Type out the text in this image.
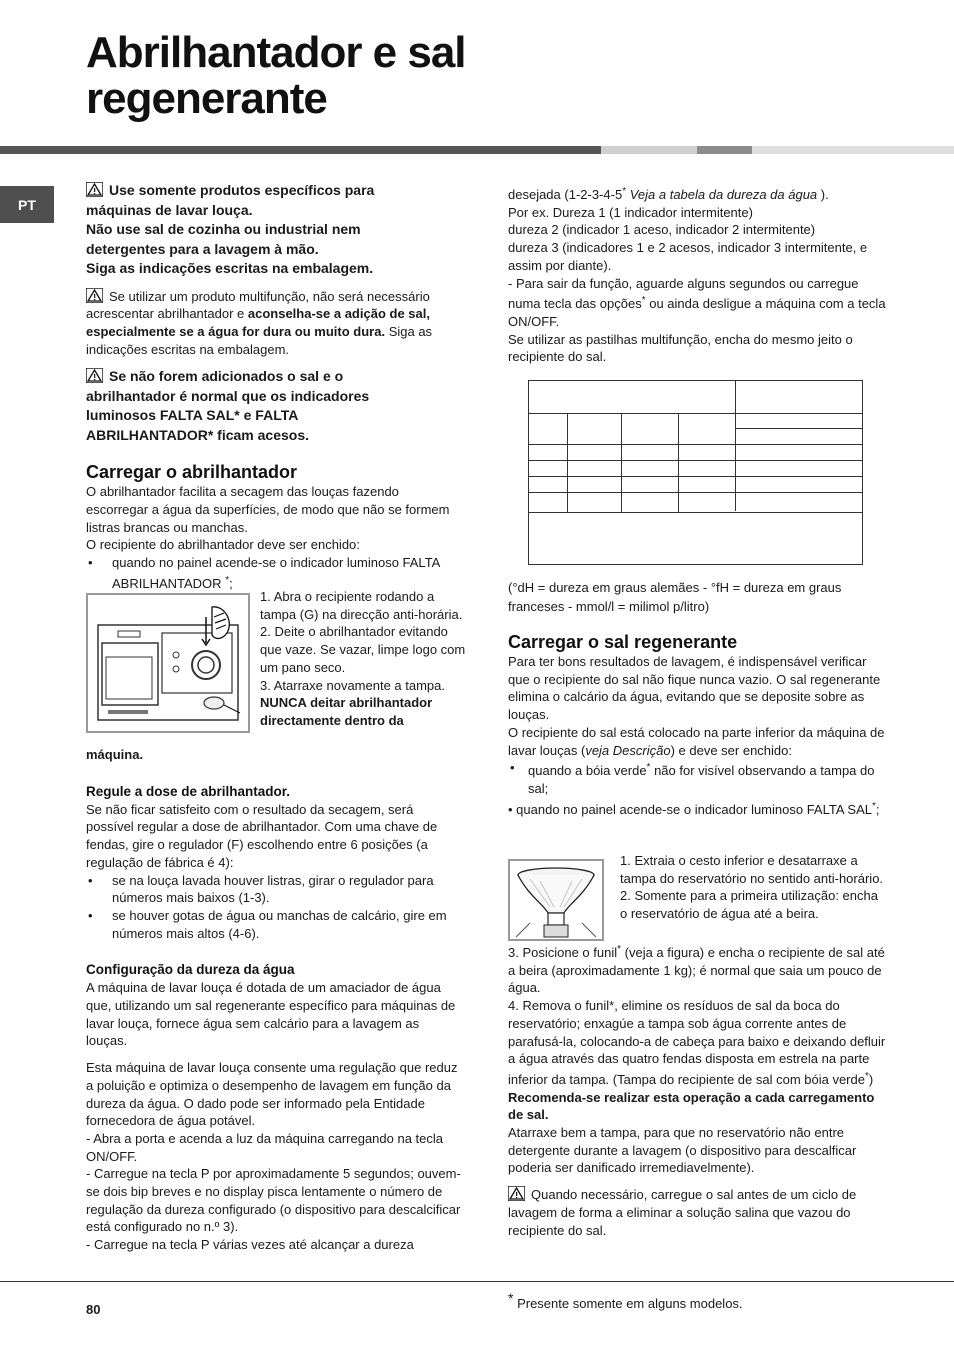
Abrilhantador e sal
regenerante
PT
Use somente produtos específicos para
máquinas de lavar louça.
Não use sal de cozinha ou industrial nem
detergentes para a lavagem à mão.
Siga as indicações escritas na embalagem.

Se utilizar um produto multifunção, não será necessário acrescentar abrilhantador e aconselha-se a adição de sal, especialmente se a água for dura ou muito dura. Siga as indicações escritas na embalagem.

Se não forem adicionados o sal e o
abrilhantador é normal que os indicadores
luminosos FALTA SAL* e FALTA
ABRILHANTADOR* ficam acesos.
Carregar o abrilhantador

O abrilhantador facilita a secagem das louças fazendo escorregar a água da superfícies, de modo que não se formem listras brancas ou manchas.

O recipiente do abrilhantador deve ser enchido:

•	quando no painel acende-se o indicador luminoso FALTA ABRILHANTADOR *;

1. Abra o recipiente rodando a tampa (G) na direcção anti-horária.

2. Deite o abrilhantador evitando que vaze. Se vazar, limpe logo com um pano seco.

3. Atarraxe novamente a tampa.

NUNCA deitar abrilhantador
directamente dentro da

máquina.

Regule a dose de abrilhantador.

Se não ficar satisfeito com o resultado da secagem, será possível regular a dose de abrilhantador. Com uma chave de fendas, gire o regulador (F) escolhendo entre 6 posições (a regulação de fábrica é 4):

•	se na louça lavada houver listras, girar o regulador para números mais baixos (1-3).
•	se houver gotas de água ou manchas de calcário, gire em números mais altos (4-6).
Configuração da dureza da água

A máquina de lavar louça é dotada de um amaciador de água que, utilizando um sal regenerante específico para máquinas de lavar louça, fornece água sem calcário para a lavagem as louças.

Esta máquina de lavar louça consente uma regulação que reduz a poluição e optimiza o desempenho de lavagem em função da dureza da água. O dado pode ser informado pela Entidade fornecedora de água potável.

- Abra a porta e acenda a luz da máquina carregando na tecla ON/OFF.

- Carregue na tecla P por aproximadamente 5 segundos; ouvem-se dois bip breves e no display pisca lentamente o número de regulação da dureza configurado (o dispositivo para descalcificar está configurado no n.º 3).

- Carregue na tecla P várias vezes até alcançar a dureza

desejada (1-2-3-4-5* Veja a tabela da dureza da água ).

Por ex. Dureza 1 (1 indicador intermitente)

dureza 2 (indicador 1 aceso, indicador 2 intermitente)

dureza 3 (indicadores 1 e 2 acesos, indicador 3 intermitente, e assim por diante).

- Para sair da função, aguarde alguns segundos ou carregue numa tecla das opções* ou ainda desligue a máquina com a tecla ON/OFF.

Se utilizar as pastilhas multifunção, encha do mesmo jeito o recipiente do sal.

(°dH = dureza em graus alemães - °fH = dureza em graus franceses - mmol/l = milimol p/litro)

Carregar o sal regenerante

Para ter bons resultados de lavagem, é indispensável verificar que o recipiente do sal não fique nunca vazio. O sal regenerante elimina o calcário da água, evitando que se deposite sobre as louças.

O recipiente do sal está colocado na parte inferior da máquina de lavar louças (veja Descrição) e deve ser enchido:

• quando a bóia verde* não for visível observando a tampa do sal;

• quando no painel acende-se o indicador luminoso FALTA SAL*;

1. Extraia o cesto inferior e desatarraxe a tampa do reservatório no sentido anti-horário.

2. Somente para a primeira utilização: encha o reservatório de água até a beira.

3. Posicione o funil* (veja a figura) e encha o recipiente de sal até a beira (aproximadamente 1 kg); é normal que saia um pouco de água.

4. Remova o funil*, elimine os resíduos de sal da boca do reservatório; enxagúe a tampa sob água corrente antes de parafusá-la, colocando-a de cabeça para baixo e deixando defluir a água através das quatro fendas disposta em estrela na parte inferior da tampa. (Tampa do recipiente de sal com bóia verde*)

Recomenda-se realizar esta operação a cada carregamento de sal.

Atarraxe bem a tampa, para que no reservatório não entre detergente durante a lavagem (o dispositivo para descalficar poderia ser danificado irremediavelmente).

Quando necessário, carregue o sal antes de um ciclo de lavagem de forma a eliminar a solução salina que vazou do recipiente do sal.

80
* Presente somente em alguns modelos.
